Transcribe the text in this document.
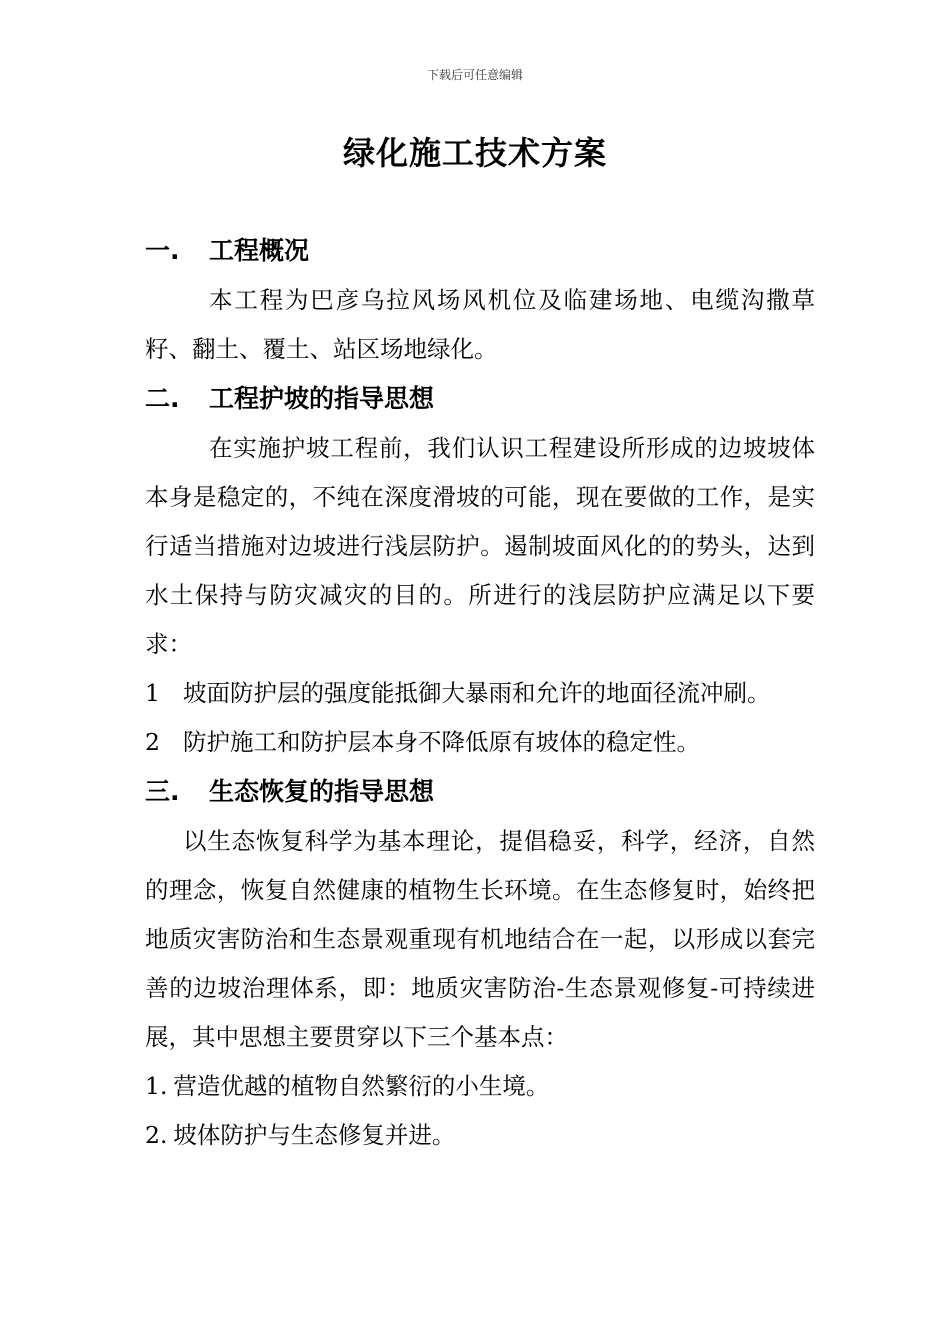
下载后可任意编辑
绿化施工技术方案
一. 工程概况

本工程为巴彦乌拉风场风机位及临建场地、电缆沟撒草籽、翻土、覆土、站区场地绿化。

二. 工程护坡的指导思想

在实施护坡工程前，我们认识工程建设所形成的边坡坡体本身是稳定的，不纯在深度滑坡的可能，现在要做的工作，是实行适当措施对边坡进行浅层防护。遏制坡面风化的的势头，达到水土保持与防灾减灾的目的。所进行的浅层防护应满足以下要求：

1 坡面防护层的强度能抵御大暴雨和允许的地面径流冲刷。
2 防护施工和防护层本身不降低原有坡体的稳定性。
三. 生态恢复的指导思想

以生态恢复科学为基本理论，提倡稳妥，科学，经济，自然的理念，恢复自然健康的植物生长环境。在生态修复时，始终把地质灾害防治和生态景观重现有机地结合在一起，以形成以套完善的边坡治理体系，即：地质灾害防治-生态景观修复-可持续进展，其中思想主要贯穿以下三个基本点：

1. 营造优越的植物自然繁衍的小生境。
2. 坡体防护与生态修复并进。
